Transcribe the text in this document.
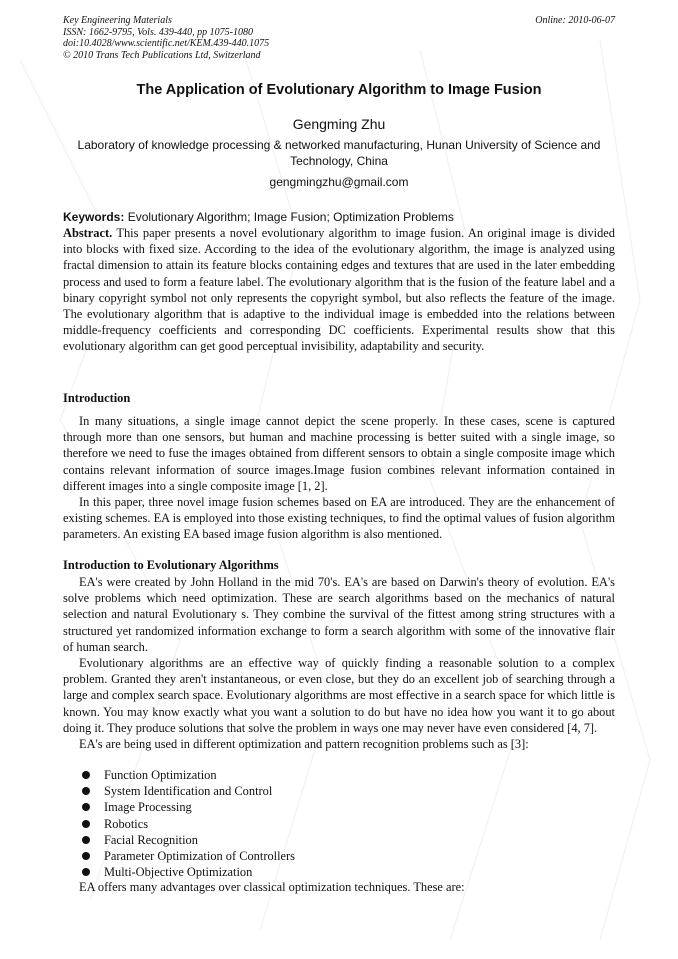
Key Engineering Materials
ISSN: 1662-9795, Vols. 439-440, pp 1075-1080
doi:10.4028/www.scientific.net/KEM.439-440.1075
© 2010 Trans Tech Publications Ltd, Switzerland
Online: 2010-06-07
The Application of Evolutionary Algorithm to Image Fusion
Gengming Zhu
Laboratory of knowledge processing & networked manufacturing, Hunan University of Science and Technology, China
gengmingzhu@gmail.com
Keywords: Evolutionary Algorithm; Image Fusion; Optimization Problems
Abstract. This paper presents a novel evolutionary algorithm to image fusion. An original image is divided into blocks with fixed size. According to the idea of the evolutionary algorithm, the image is analyzed using fractal dimension to attain its feature blocks containing edges and textures that are used in the later embedding process and used to form a feature label. The evolutionary algorithm that is the fusion of the feature label and a binary copyright symbol not only represents the copyright symbol, but also reflects the feature of the image. The evolutionary algorithm that is adaptive to the individual image is embedded into the relations between middle-frequency coefficients and corresponding DC coefficients. Experimental results show that this evolutionary algorithm can get good perceptual invisibility, adaptability and security.
Introduction

In many situations, a single image cannot depict the scene properly. In these cases, scene is captured through more than one sensors, but human and machine processing is better suited with a single image, so therefore we need to fuse the images obtained from different sensors to obtain a single composite image which contains relevant information of source images.Image fusion combines relevant information contained in different images into a single composite image [1, 2].

In this paper, three novel image fusion schemes based on EA are introduced. They are the enhancement of existing schemes. EA is employed into those existing techniques, to find the optimal values of fusion algorithm parameters. An existing EA based image fusion algorithm is also mentioned.

Introduction to Evolutionary Algorithms

EA's were created by John Holland in the mid 70's. EA's are based on Darwin's theory of evolution. EA's solve problems which need optimization. These are search algorithms based on the mechanics of natural selection and natural Evolutionary s. They combine the survival of the fittest among string structures with a structured yet randomized information exchange to form a search algorithm with some of the innovative flair of human search.

Evolutionary algorithms are an effective way of quickly finding a reasonable solution to a complex problem. Granted they aren't instantaneous, or even close, but they do an excellent job of searching through a large and complex search space. Evolutionary algorithms are most effective in a search space for which little is known. You may know exactly what you want a solution to do but have no idea how you want it to go about doing it. They produce solutions that solve the problem in ways one may never have even considered [4, 7].

EA's are being used in different optimization and pattern recognition problems such as [3]:

Function Optimization
System Identification and Control
Image Processing
Robotics
Facial Recognition
Parameter Optimization of Controllers
Multi-Objective Optimization
EA offers many advantages over classical optimization techniques. These are:
